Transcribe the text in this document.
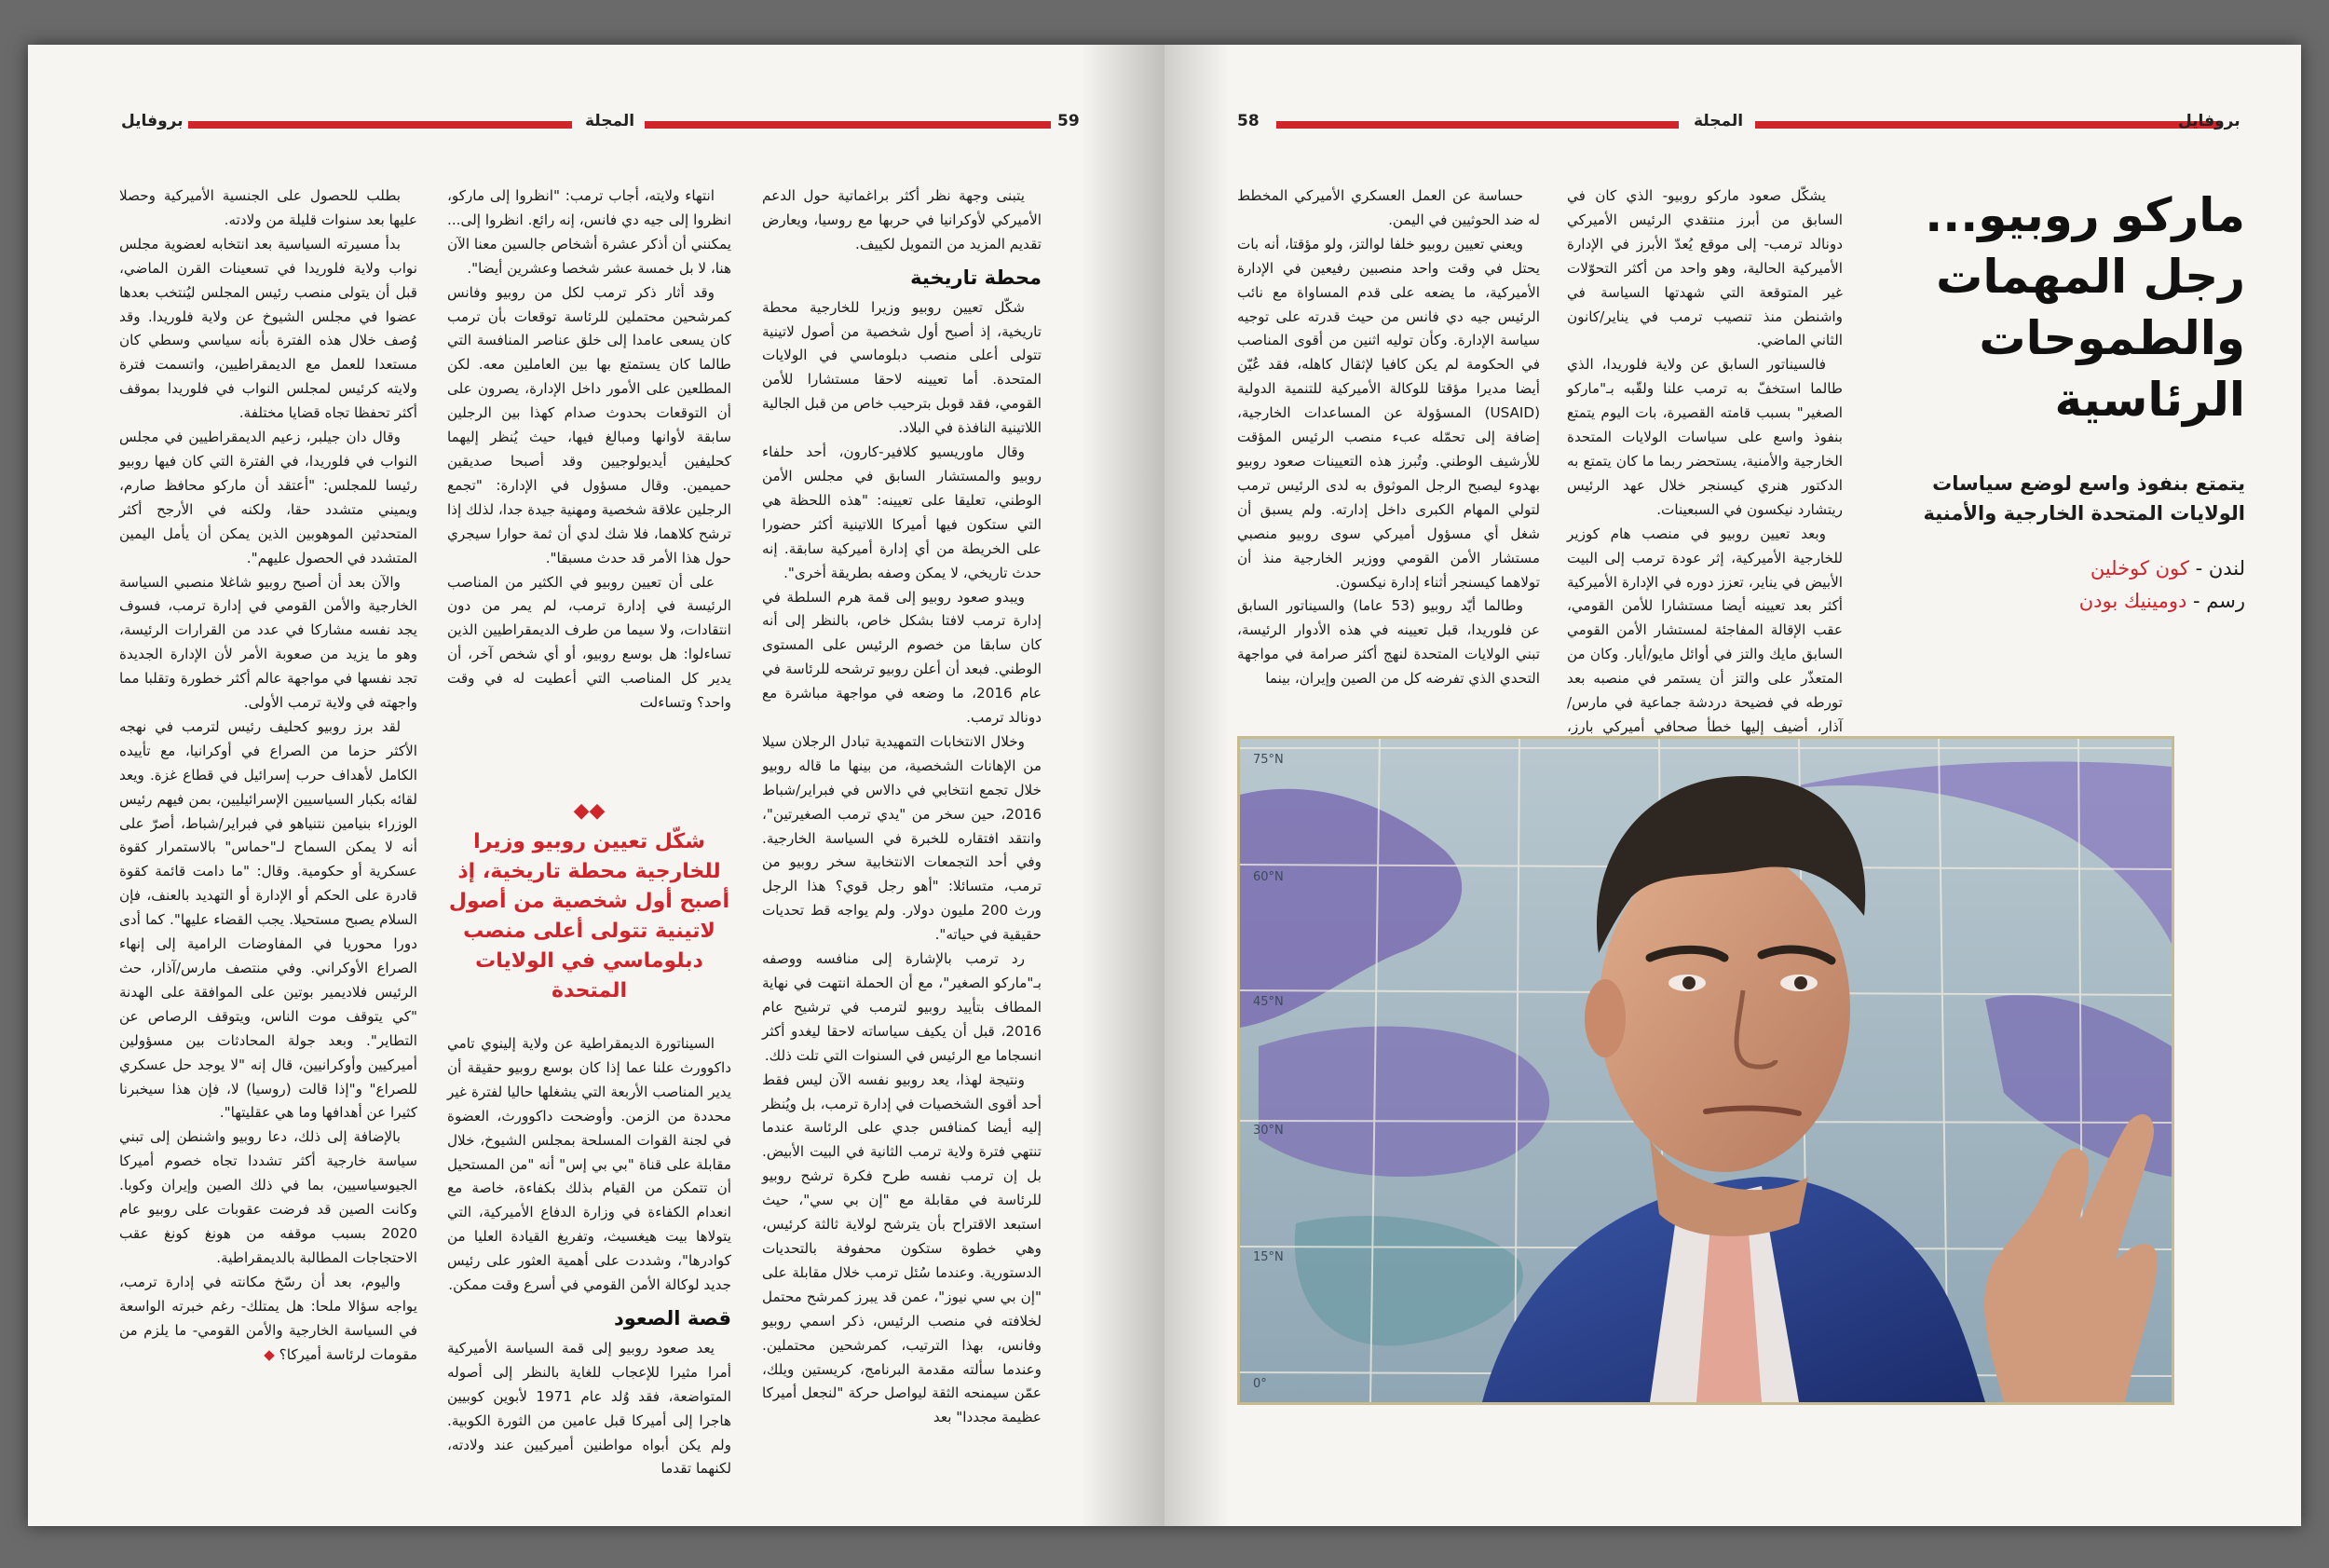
بروفايل	المجلة	59

يتبنى وجهة نظر أكثر براغماتية حول الدعم الأميركي لأوكرانيا في حربها مع روسيا، ويعارض تقديم المزيد من التمويل لكييف.

محطة تاريخية

شكّل تعيين روبيو وزيرا للخارجية محطة تاريخية، إذ أصبح أول شخصية من أصول لاتينية تتولى أعلى منصب دبلوماسي في الولايات المتحدة. أما تعيينه لاحقا مستشارا للأمن القومي، فقد قوبل بترحيب خاص من قبل الجالية اللاتينية النافذة في البلاد.

وقال ماوريسيو كلافير-كارون، أحد حلفاء روبيو والمستشار السابق في مجلس الأمن الوطني، تعليقا على تعيينه: "هذه اللحظة هي التي ستكون فيها أميركا اللاتينية أكثر حضورا على الخريطة من أي إدارة أميركية سابقة. إنه حدث تاريخي، لا يمكن وصفه بطريقة أخرى".

ويبدو صعود روبيو إلى قمة هرم السلطة في إدارة ترمب لافتا بشكل خاص، بالنظر إلى أنه كان سابقا من خصوم الرئيس على المستوى الوطني. فبعد أن أعلن روبيو ترشحه للرئاسة في عام 2016، ما وضعه في مواجهة مباشرة مع دونالد ترمب.

وخلال الانتخابات التمهيدية تبادل الرجلان سيلا من الإهانات الشخصية، من بينها ما قاله روبيو خلال تجمع انتخابي في دالاس في فبراير/شباط 2016، حين سخر من "يدي ترمب الصغيرتين"، وانتقد افتقاره للخبرة في السياسة الخارجية. وفي أحد التجمعات الانتخابية سخر روبيو من ترمب، متسائلا: "أهو رجل قوي؟ هذا الرجل ورث 200 مليون دولار. ولم يواجه قط تحديات حقيقية في حياته".

رد ترمب بالإشارة إلى منافسه ووصفه بـ"ماركو الصغير"، مع أن الحملة انتهت في نهاية المطاف بتأييد روبيو لترمب في ترشيح عام 2016، قبل أن يكيف سياساته لاحقا ليغدو أكثر انسجاما مع الرئيس في السنوات التي تلت ذلك.

ونتيجة لهذا، يعد روبيو نفسه الآن ليس فقط أحد أقوى الشخصيات في إدارة ترمب، بل ويُنظر إليه أيضا كمنافس جدي على الرئاسة عندما تنتهي فترة ولاية ترمب الثانية في البيت الأبيض. بل إن ترمب نفسه طرح فكرة ترشح روبيو للرئاسة في مقابلة مع "إن بي سي"، حيث استبعد الاقتراح بأن يترشح لولاية ثالثة كرئيس، وهي خطوة ستكون محفوفة بالتحديات الدستورية. وعندما سُئل ترمب خلال مقابلة على "إن بي سي نيوز"، عمن قد يبرز كمرشح محتمل لخلافته في منصب الرئيس، ذكر اسمي روبيو وفانس، بهذا الترتيب، كمرشحين محتملين. وعندما سألته مقدمة البرنامج، كريستين ويلك، عمّن سيمنحه الثقة ليواصل حركة "لنجعل أميركا عظيمة مجددا" بعد

انتهاء ولايته، أجاب ترمب: "انظروا إلى ماركو، انظروا إلى جيه دي فانس، إنه رائع. انظروا إلى... يمكنني أن أذكر عشرة أشخاص جالسين معنا الآن هنا، لا بل خمسة عشر شخصا وعشرين أيضا".

وقد أثار ذكر ترمب لكل من روبيو وفانس كمرشحين محتملين للرئاسة توقعات بأن ترمب كان يسعى عامدا إلى خلق عناصر المنافسة التي طالما كان يستمتع بها بين العاملين معه. لكن المطلعين على الأمور داخل الإدارة، يصرون على أن التوقعات بحدوث صدام كهذا بين الرجلين سابقة لأوانها ومبالغ فيها، حيث يُنظر إليهما كحليفين أيديولوجيين وقد أصبحا صديقين حميمين. وقال مسؤول في الإدارة: "تجمع الرجلين علاقة شخصية ومهنية جيدة جدا، لذلك إذا ترشح كلاهما، فلا شك لدي أن ثمة حوارا سيجري حول هذا الأمر قد حدث مسبقا".

على أن تعيين روبيو في الكثير من المناصب الرئيسة في إدارة ترمب، لم يمر من دون انتقادات، ولا سيما من طرف الديمقراطيين الذين تساءلوا: هل بوسع روبيو، أو أي شخص آخر، أن يدير كل المناصب التي أعطيت له في وقت واحد؟ وتساءلت

◆◆
شكّل تعيين روبيو وزيرا للخارجية محطة تاريخية، إذ أصبح أول شخصية من أصول لاتينية تتولى أعلى منصب دبلوماسي في الولايات المتحدة

السيناتورة الديمقراطية عن ولاية إلينوي تامي داكوورث علنا عما إذا كان بوسع روبيو حقيقة أن يدير المناصب الأربعة التي يشغلها حاليا لفترة غير محددة من الزمن. وأوضحت داكوورث، العضوة في لجنة القوات المسلحة بمجلس الشيوخ، خلال مقابلة على قناة "بي بي إس" أنه "من المستحيل أن تتمكن من القيام بذلك بكفاءة، خاصة مع انعدام الكفاءة في وزارة الدفاع الأميركية، التي يتولاها بيت هيغسيث، وتفريغ القيادة العليا من كوادرها"، وشددت على أهمية العثور على رئيس جديد لوكالة الأمن القومي في أسرع وقت ممكن.

قصة الصعود

يعد صعود روبيو إلى قمة السياسة الأميركية أمرا مثيرا للإعجاب للغاية بالنظر إلى أصوله المتواضعة، فقد وُلد عام 1971 لأبوين كوبيين هاجرا إلى أميركا قبل عامين من الثورة الكوبية. ولم يكن أبواه مواطنين أميركيين عند ولادته، لكنهما تقدما

بطلب للحصول على الجنسية الأميركية وحصلا عليها بعد سنوات قليلة من ولادته.

بدأ مسيرته السياسية بعد انتخابه لعضوية مجلس نواب ولاية فلوريدا في تسعينات القرن الماضي، قبل أن يتولى منصب رئيس المجلس ليُنتخب بعدها عضوا في مجلس الشيوخ عن ولاية فلوريدا. وقد وُصف خلال هذه الفترة بأنه سياسي وسطي كان مستعدا للعمل مع الديمقراطيين، واتسمت فترة ولايته كرئيس لمجلس النواب في فلوريدا بموقف أكثر تحفظا تجاه قضايا مختلفة.

وقال دان جيلبر، زعيم الديمقراطيين في مجلس النواب في فلوريدا، في الفترة التي كان فيها روبيو رئيسا للمجلس: "أعتقد أن ماركو محافظ صارم، ويميني متشدد حقا، ولكنه في الأرجح أكثر المتحدثين الموهوبين الذين يمكن أن يأمل اليمين المتشدد في الحصول عليهم".

والآن بعد أن أصبح روبيو شاغلا منصبي السياسة الخارجية والأمن القومي في إدارة ترمب، فسوف يجد نفسه مشاركا في عدد من القرارات الرئيسة، وهو ما يزيد من صعوبة الأمر لأن الإدارة الجديدة تجد نفسها في مواجهة عالم أكثر خطورة وتقلبا مما واجهته في ولاية ترمب الأولى.

لقد برز روبيو كحليف رئيس لترمب في نهجه الأكثر حزما من الصراع في أوكرانيا، مع تأييده الكامل لأهداف حرب إسرائيل في قطاع غزة. ويعد لقائه بكبار السياسيين الإسرائيليين، بمن فيهم رئيس الوزراء بنيامين نتنياهو في فبراير/شباط، أصرّ على أنه لا يمكن السماح لـ"حماس" بالاستمرار كقوة عسكرية أو حكومية. وقال: "ما دامت قائمة كقوة قادرة على الحكم أو الإدارة أو التهديد بالعنف، فإن السلام يصبح مستحيلا. يجب القضاء عليها". كما أدى دورا محوريا في المفاوضات الرامية إلى إنهاء الصراع الأوكراني. وفي منتصف مارس/آذار، حث الرئيس فلاديمير بوتين على الموافقة على الهدنة "كي يتوقف موت الناس، ويتوقف الرصاص عن التطاير". وبعد جولة المحادثات بين مسؤولين أميركيين وأوكرانيين، قال إنه "لا يوجد حل عسكري للصراع" و"إذا قالت (روسيا) لا، فإن هذا سيخبرنا كثيرا عن أهدافها وما هي عقليتها".

بالإضافة إلى ذلك، دعا روبيو واشنطن إلى تبني سياسة خارجية أكثر تشددا تجاه خصوم أميركا الجيوسياسيين، بما في ذلك الصين وإيران وكوبا. وكانت الصين قد فرضت عقوبات على روبيو عام 2020 بسبب موقفه من هونغ كونغ عقب الاحتجاجات المطالبة بالديمقراطية.

واليوم، بعد أن رسّخ مكانته في إدارة ترمب، يواجه سؤالا ملحا: هل يمتلك- رغم خبرته الواسعة في السياسة الخارجية والأمن القومي- ما يلزم من مقومات لرئاسة أميركا؟ ◆

58	المجلة	بروفايل
ماركو روبيو... رجل المهمات والطموحات الرئاسية
يتمتع بنفوذ واسع لوضع سياسات الولايات المتحدة الخارجية والأمنية
لندن - كون كوخلين
رسم - دومينيك بودن

يشكّل صعود ماركو روبيو- الذي كان في السابق من أبرز منتقدي الرئيس الأميركي دونالد ترمب- إلى موقع يُعدّ الأبرز في الإدارة الأميركية الحالية، وهو واحد من أكثر التحوّلات غير المتوقعة التي شهدتها السياسة في واشنطن منذ تنصيب ترمب في يناير/كانون الثاني الماضي.

فالسيناتور السابق عن ولاية فلوريدا، الذي طالما استخفّ به ترمب علنا ولقّبه بـ"ماركو الصغير" بسبب قامته القصيرة، بات اليوم يتمتع بنفوذ واسع على سياسات الولايات المتحدة الخارجية والأمنية، يستحضر ربما ما كان يتمتع به الدكتور هنري كيسنجر خلال عهد الرئيس ريتشارد نيكسون في السبعينات.

وبعد تعيين روبيو في منصب هام كوزير للخارجية الأميركية، إثر عودة ترمب إلى البيت الأبيض في يناير، تعزز دوره في الإدارة الأميركية أكثر بعد تعيينه أيضا مستشارا للأمن القومي، عقب الإقالة المفاجئة لمستشار الأمن القومي السابق مايك والتز في أوائل مايو/أيار. وكان من المتعذّر على والتز أن يستمر في منصبه بعد تورطه في فضيحة دردشة جماعية في مارس/آذار، أضيف إليها خطأ صحافي أميركي بارز،

حساسة عن العمل العسكري الأميركي المخطط له ضد الحوثيين في اليمن.

ويعني تعيين روبيو خلفا لوالتز، ولو مؤقتا، أنه بات يحتل في وقت واحد منصبين رفيعين في الإدارة الأميركية، ما يضعه على قدم المساواة مع نائب الرئيس جيه دي فانس من حيث قدرته على توجيه سياسة الإدارة. وكأن توليه اثنين من أقوى المناصب في الحكومة لم يكن كافيا لإثقال كاهله، فقد عُيّن أيضا مديرا مؤقتا للوكالة الأميركية للتنمية الدولية (USAID) المسؤولة عن المساعدات الخارجية، إضافة إلى تحمّله عبء منصب الرئيس المؤقت للأرشيف الوطني. وتُبرز هذه التعيينات صعود روبيو بهدوء ليصبح الرجل الموثوق به لدى الرئيس ترمب لتولي المهام الكبرى داخل إدارته. ولم يسبق أن شغل أي مسؤول أميركي سوى روبيو منصبي مستشار الأمن القومي ووزير الخارجية منذ أن تولاهما كيسنجر أثناء إدارة نيكسون.

وطالما أيّد روبيو (53 عاما) والسيناتور السابق عن فلوريدا، قبل تعيينه في هذه الأدوار الرئيسة، تبني الولايات المتحدة لنهج أكثر صرامة في مواجهة التحدي الذي تفرضه كل من الصين وإيران، بينما

75°N
60°N
45°N
30°N
15°N
0°
